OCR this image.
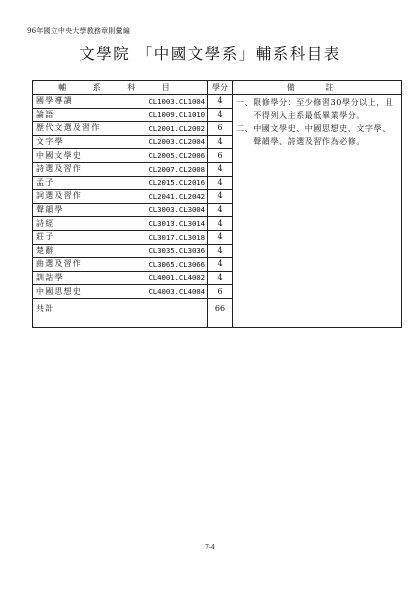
96年國立中央大學教務章則彙編
文學院 「中國文學系」輔系科目表
輔 系 科 目		學分	備 註
國學導讀	CL1003.CL1004	4	一、 限修學分：至少修習30學分以上，且不得列入主系最低畢業學分。
二、 中國文學史、中國思想史、文字學、聲韻學、詩選及習作為必修。

論語	CL1009.CL1010	4	
歷代文選及習作	CL2001.CL2002	6	
文字學	CL2003.CL2004	4	
中國文學史	CL2005.CL2006	6	
詩選及習作	CL2007.CL2008	4	
孟子	CL2015.CL2016	4	
詞選及習作	CL2041.CL2042	4	
聲韻學	CL3003.CL3004	4	
詩經	CL3013.CL3014	4	
莊子	CL3017.CL3018	4	
楚辭	CL3035.CL3036	4	
曲選及習作	CL3065.CL3066	4	
訓詁學	CL4001.CL4002	4	
中國思想史	CL4003.CL4004	6	
共計		66	
7-4
